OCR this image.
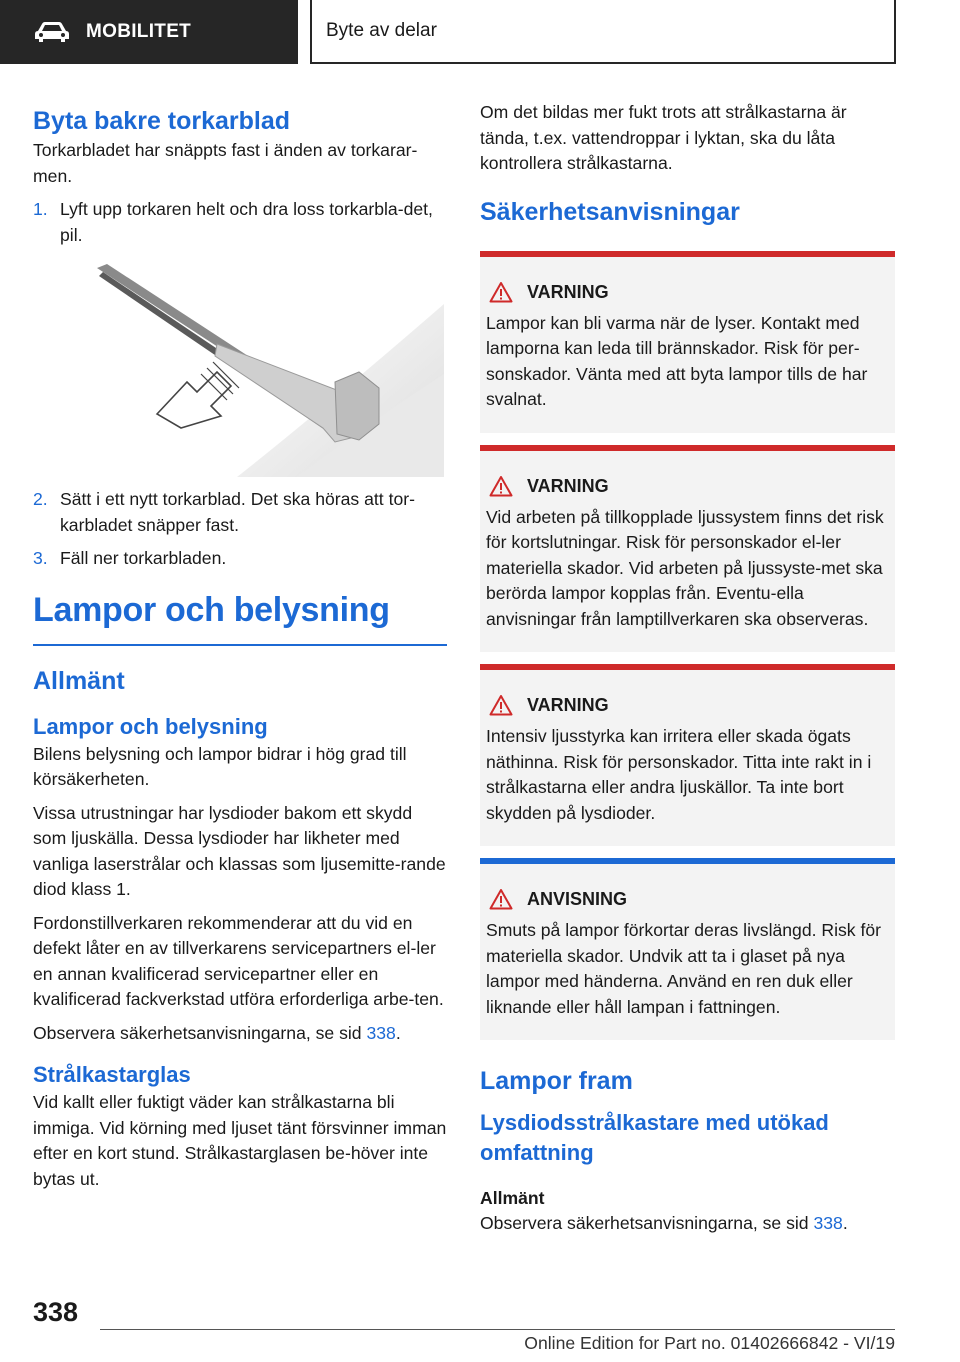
MOBILITET	Byte av delar
Byta bakre torkarblad

Torkarbladet har snäppts fast i änden av torkarar-men.

1. Lyft upp torkaren helt och dra loss torkarbla-det, pil.
2. Sätt i ett nytt torkarblad. Det ska höras att tor-karbladet snäpper fast.
3. Fäll ner torkarbladen.
Lampor och belysning
Allmänt
Lampor och belysning

Bilens belysning och lampor bidrar i hög grad till körsäkerheten.

Vissa utrustningar har lysdioder bakom ett skydd som ljuskälla. Dessa lysdioder har likheter med vanliga laserstrålar och klassas som ljusemitte-rande diod klass 1.

Fordonstillverkaren rekommenderar att du vid en defekt låter en av tillverkarens servicepartners el-ler en annan kvalificerad servicepartner eller en kvalificerad fackverkstad utföra erforderliga arbe-ten.

Observera säkerhetsanvisningarna, se sid 338.

Strålkastarglas

Vid kallt eller fuktigt väder kan strålkastarna bli immiga. Vid körning med ljuset tänt försvinner imman efter en kort stund. Strålkastarglasen be-höver inte bytas ut.

Om det bildas mer fukt trots att strålkastarna är tända, t.ex. vattendroppar i lyktan, ska du låta kontrollera strålkastarna.

Säkerhetsanvisningar
VARNING

Lampor kan bli varma när de lyser. Kontakt med lamporna kan leda till brännskador. Risk för per-sonskador. Vänta med att byta lampor tills de har svalnat.

VARNING

Vid arbeten på tillkopplade ljussystem finns det risk för kortslutningar. Risk för personskador el-ler materiella skador. Vid arbeten på ljussyste-met ska berörda lampor kopplas från. Eventu-ella anvisningar från lamptillverkaren ska observeras.

VARNING

Intensiv ljusstyrka kan irritera eller skada ögats näthinna. Risk för personskador. Titta inte rakt in i strålkastarna eller andra ljuskällor. Ta inte bort skydden på lysdioder.

ANVISNING

Smuts på lampor förkortar deras livslängd. Risk för materiella skador. Undvik att ta i glaset på nya lampor med händerna. Använd en ren duk eller liknande eller håll lampan i fattningen.

Lampor fram
Lysdiodsstrålkastare med utökad omfattning
Allmänt

Observera säkerhetsanvisningarna, se sid 338.

338
Online Edition for Part no. 01402666842 - VI/19
